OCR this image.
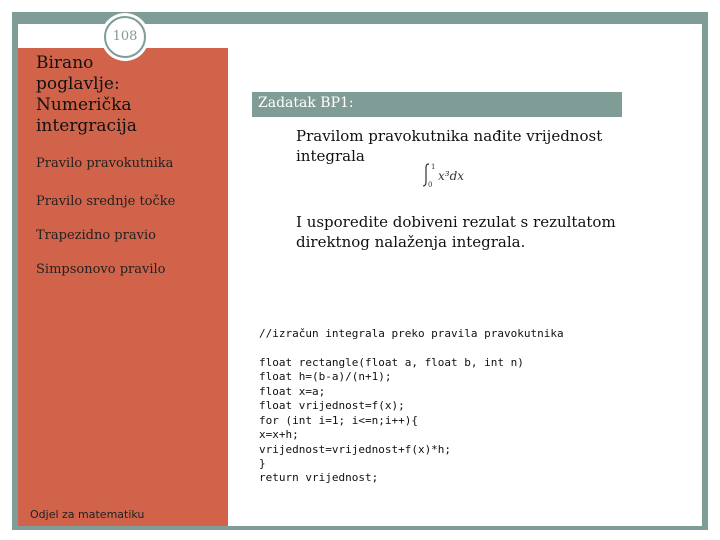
108
Birano
poglavlje:
Numerička
intergracija
Pravilo pravokutnika
Pravilo srednje točke
Trapezidno pravio
Simpsonovo pravilo
Odjel za matematiku
Zadatak BP1:

Pravilom pravokutnika nađite vrijednost
integrala

1
0
x³dx

I usporedite dobiveni rezulat s rezultatom
direktnog nalaženja integrala.

//izračun integrala preko pravila pravokutnika
float rectangle(float a, float b, int n)
float h=(b-a)/(n+1);
float x=a;
float vrijednost=f(x);
for (int i=1; i<=n;i++){
x=x+h;
vrijednost=vrijednost+f(x)*h;
}
return vrijednost;
